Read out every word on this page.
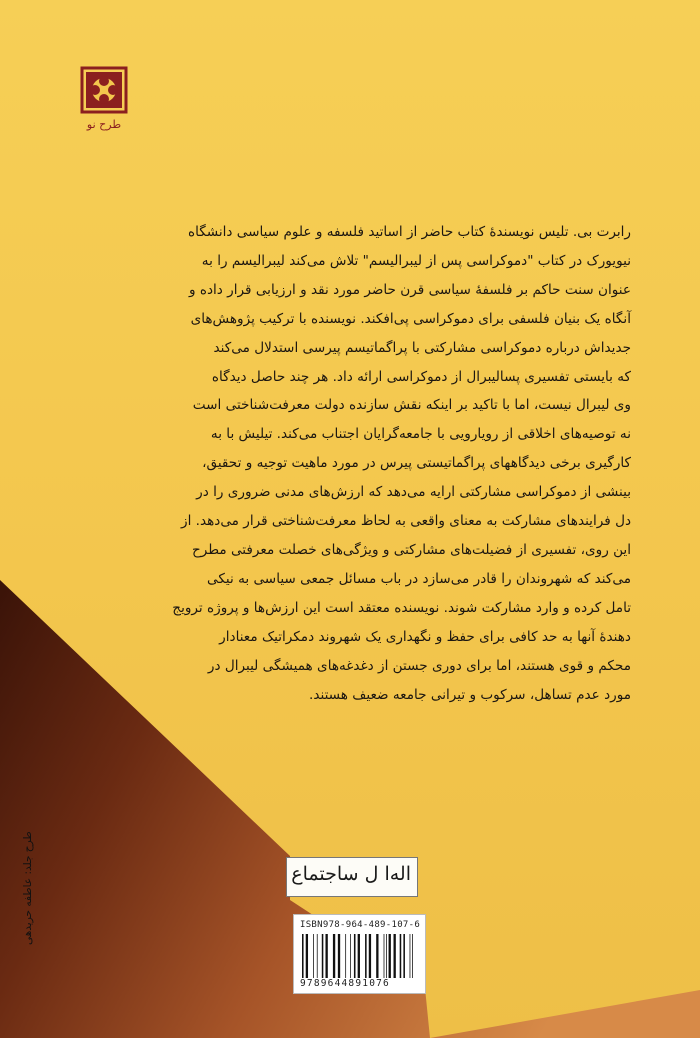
طرح نو
رابرت بی. تلیس نویسندهٔ کتاب حاضر از اساتید فلسفه و علوم سیاسی دانشگاه
نیویورک در کتاب "دموکراسی پس از لیبرالیسم" تلاش می‌کند لیبرالیسم را به
عنوان سنت حاکم بر فلسفهٔ سیاسی قرن حاضر مورد نقد و ارزیابی قرار داده و
آنگاه یک بنیان فلسفی برای دموکراسی پی‌افکند. نویسنده با ترکیب پژوهش‌های
جدیداش درباره دموکراسی مشارکتی با پراگماتیسم پیرسی استدلال می‌کند
که بایستی تفسیری پسالیبرال از دموکراسی ارائه داد. هر چند حاصل دیدگاه
وی لیبرال نیست، اما با تاکید بر اینکه نقش سازنده دولت معرفت‌شناختی است
نه توصیه‌های اخلاقی از رویارویی با جامعه‌گرایان اجتناب می‌کند. تیلیش با به
کارگیری برخی دیدگاههای پراگماتیستی پیرس در مورد ماهیت توجیه و تحقیق،
بینشی از دموکراسی مشارکتی ارایه می‌دهد که ارزش‌های مدنی ضروری را در
دل فرایندهای مشارکت به معنای واقعی به لحاظ معرفت‌شناختی قرار می‌دهد. از
این روی، تفسیری از فضیلت‌های مشارکتی و ویژگی‌های خصلت معرفتی مطرح
می‌کند که شهروندان را قادر می‌سازد در باب مسائل جمعی سیاسی به نیکی
تامل کرده و وارد مشارکت شوند. نویسنده معتقد است این ارزش‌ها و پروژه ترویج
دهندهٔ آنها به حد کافی برای حفظ و نگهداری یک شهروند دمکراتیک معنادار
محکم و قوی هستند، اما برای دوری جستن از دغدغه‌های همیشگی لیبرال در
مورد عدم تساهل، سرکوب و تیرانی جامعه ضعیف هستند.
طرح جلد: عاطفه حریدهی	اله‌ا ل‌ ساجتماع
ISBN978-964-489-107-6
9789644891076
